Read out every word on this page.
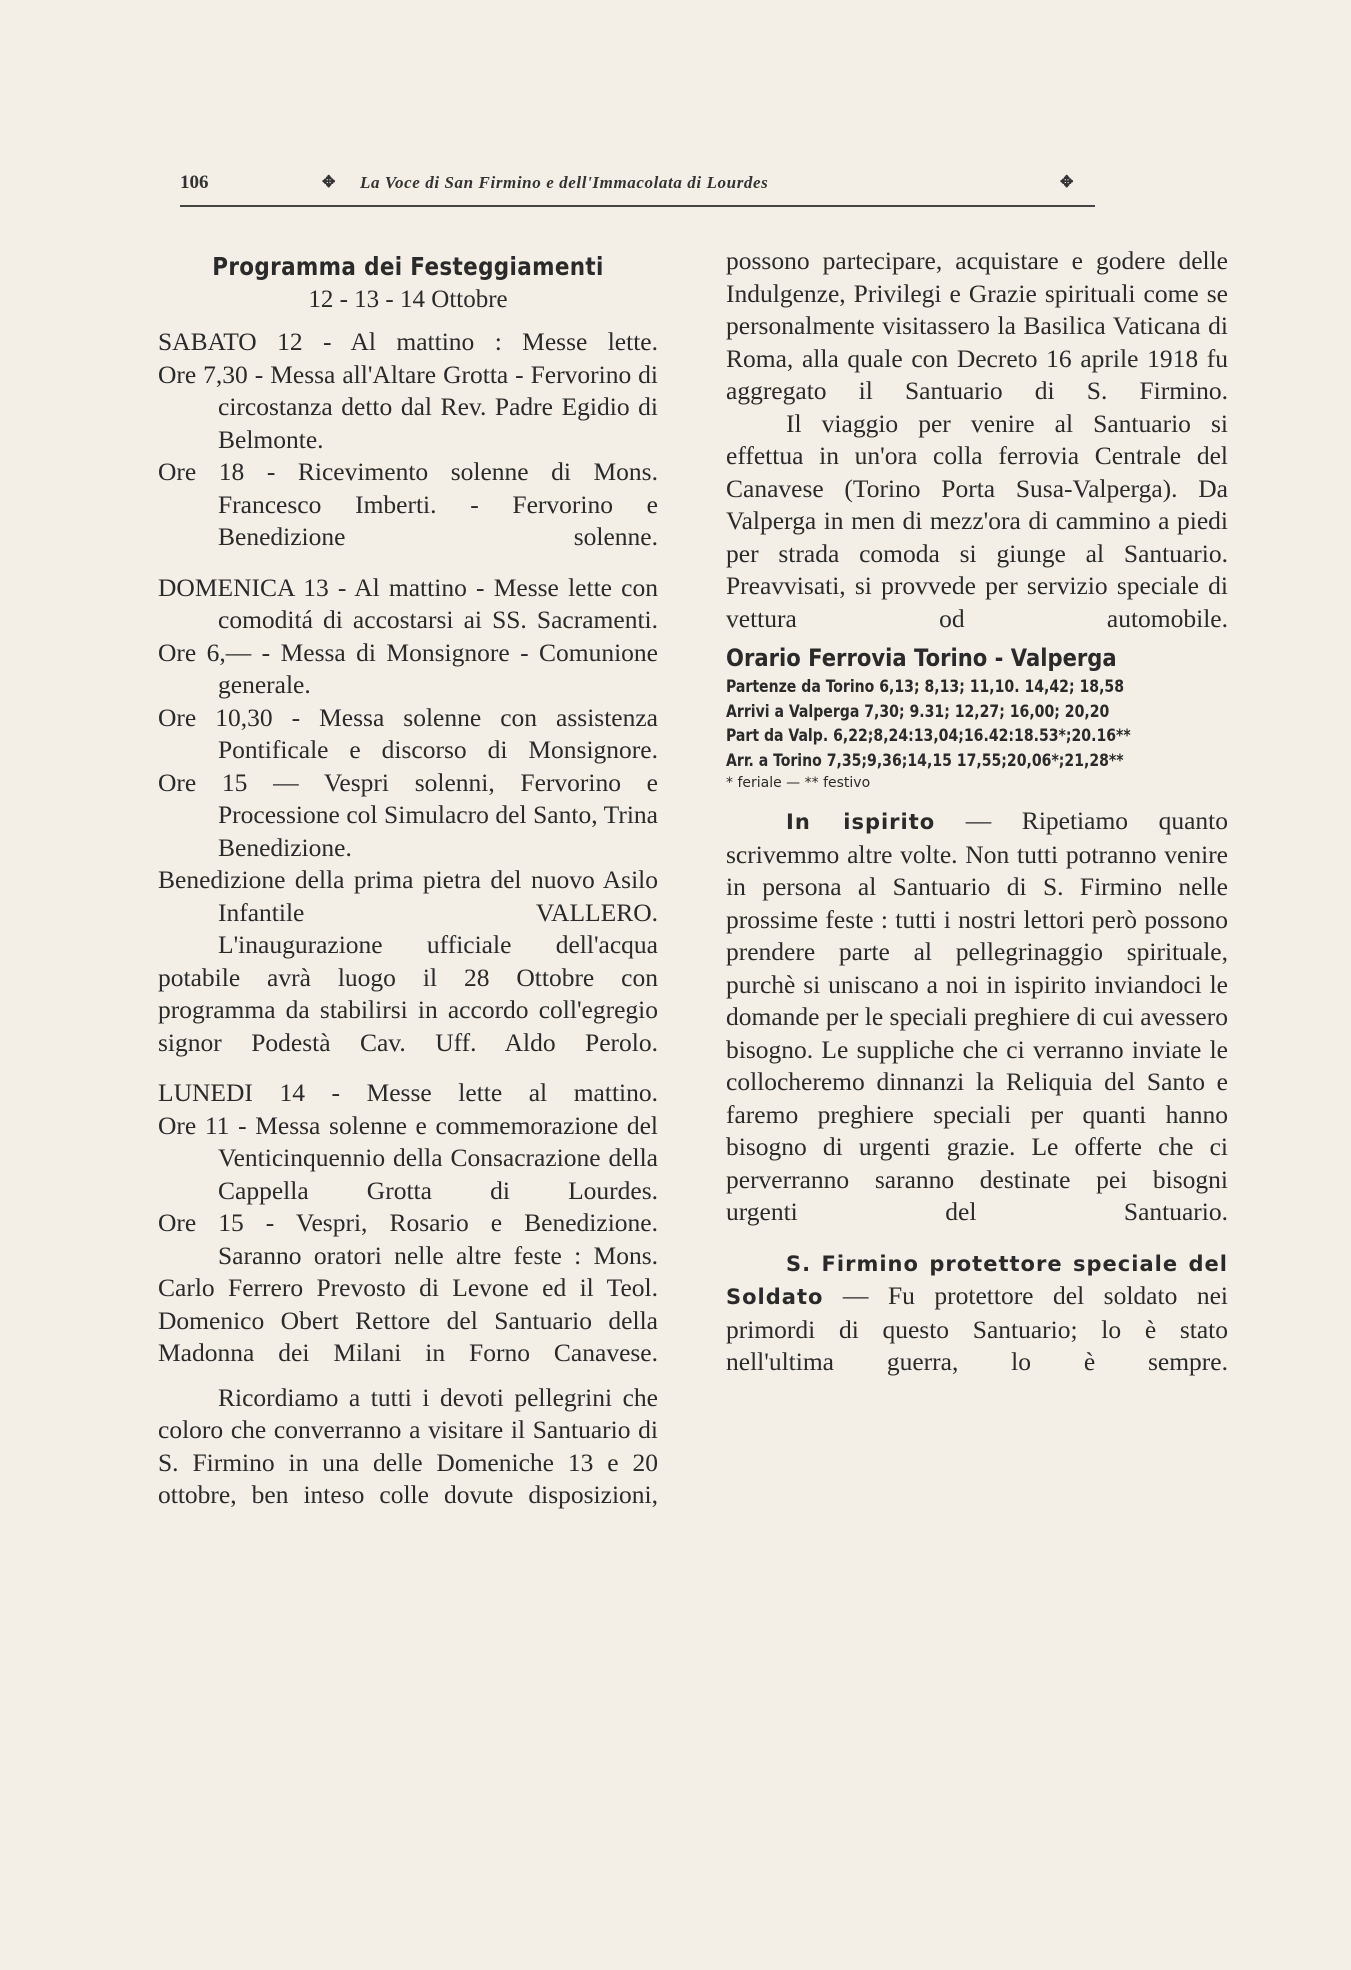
106	✥ La Voce di San Firmino e dell'Immacolata di Lourdes	✥
Programma dei Festeggiamenti
12 - 13 - 14 Ottobre

SABATO 12 - Al mattino : Messe lette.

Ore 7,30 - Messa all'Altare Grotta - Fervorino di circostanza detto dal Rev. Padre Egidio di Belmonte.

Ore 18 - Ricevimento solenne di Mons. Francesco Imberti. - Fervorino e Benedizione solenne.

DOMENICA 13 - Al mattino - Messe lette con comoditá di accostarsi ai SS. Sacramenti.

Ore 6,— - Messa di Monsignore - Comunione generale.

Ore 10,30 - Messa solenne con assistenza Pontificale e discorso di Monsignore.

Ore 15 — Vespri solenni, Fervorino e Processione col Simulacro del Santo, Trina Benedizione.

Benedizione della prima pietra del nuovo Asilo Infantile VALLERO.

L'inaugurazione ufficiale dell'acqua potabile avrà luogo il 28 Ottobre con programma da stabilirsi in accordo coll'egregio signor Podestà Cav. Uff. Aldo Perolo.

LUNEDI 14 - Messe lette al mattino.

Ore 11 - Messa solenne e commemorazione del Venticinquennio della Consacrazione della Cappella Grotta di Lourdes.

Ore 15 - Vespri, Rosario e Benedizione.

Saranno oratori nelle altre feste : Mons. Carlo Ferrero Prevosto di Levone ed il Teol. Domenico Obert Rettore del Santuario della Madonna dei Milani in Forno Canavese.

Ricordiamo a tutti i devoti pellegrini che coloro che converranno a visitare il Santuario di S. Firmino in una delle Domeniche 13 e 20 ottobre, ben inteso colle dovute disposizioni,

possono partecipare, acquistare e godere delle Indulgenze, Privilegi e Grazie spirituali come se personalmente visitassero la Basilica Vaticana di Roma, alla quale con Decreto 16 aprile 1918 fu aggregato il Santuario di S. Firmino.

Il viaggio per venire al Santuario si effettua in un'ora colla ferrovia Centrale del Canavese (Torino Porta Susa-Valperga). Da Valperga in men di mezz'ora di cammino a piedi per strada comoda si giunge al Santuario. Preavvisati, si provvede per servizio speciale di vettura od automobile.

Orario Ferrovia Torino - Valperga
Partenze da Torino 6,13; 8,13; 11,10. 14,42; 18,58
Arrivi a Valperga 7,30; 9.31; 12,27; 16,00; 20,20
Part da Valp. 6,22;8,24:13,04;16.42:18.53*;20.16**
Arr. a Torino 7,35;9,36;14,15 17,55;20,06*;21,28**
* feriale — ** festivo

In ispirito — Ripetiamo quanto scrivemmo altre volte. Non tutti potranno venire in persona al Santuario di S. Firmino nelle prossime feste : tutti i nostri lettori però possono prendere parte al pellegrinaggio spirituale, purchè si uniscano a noi in ispirito inviandoci le domande per le speciali preghiere di cui avessero bisogno. Le suppliche che ci verranno inviate le collocheremo dinnanzi la Reliquia del Santo e faremo preghiere speciali per quanti hanno bisogno di urgenti grazie. Le offerte che ci perverranno saranno destinate pei bisogni urgenti del Santuario.

S. Firmino protettore speciale del Soldato — Fu protettore del soldato nei primordi di questo Santuario; lo è stato nell'ultima guerra, lo è sempre.
